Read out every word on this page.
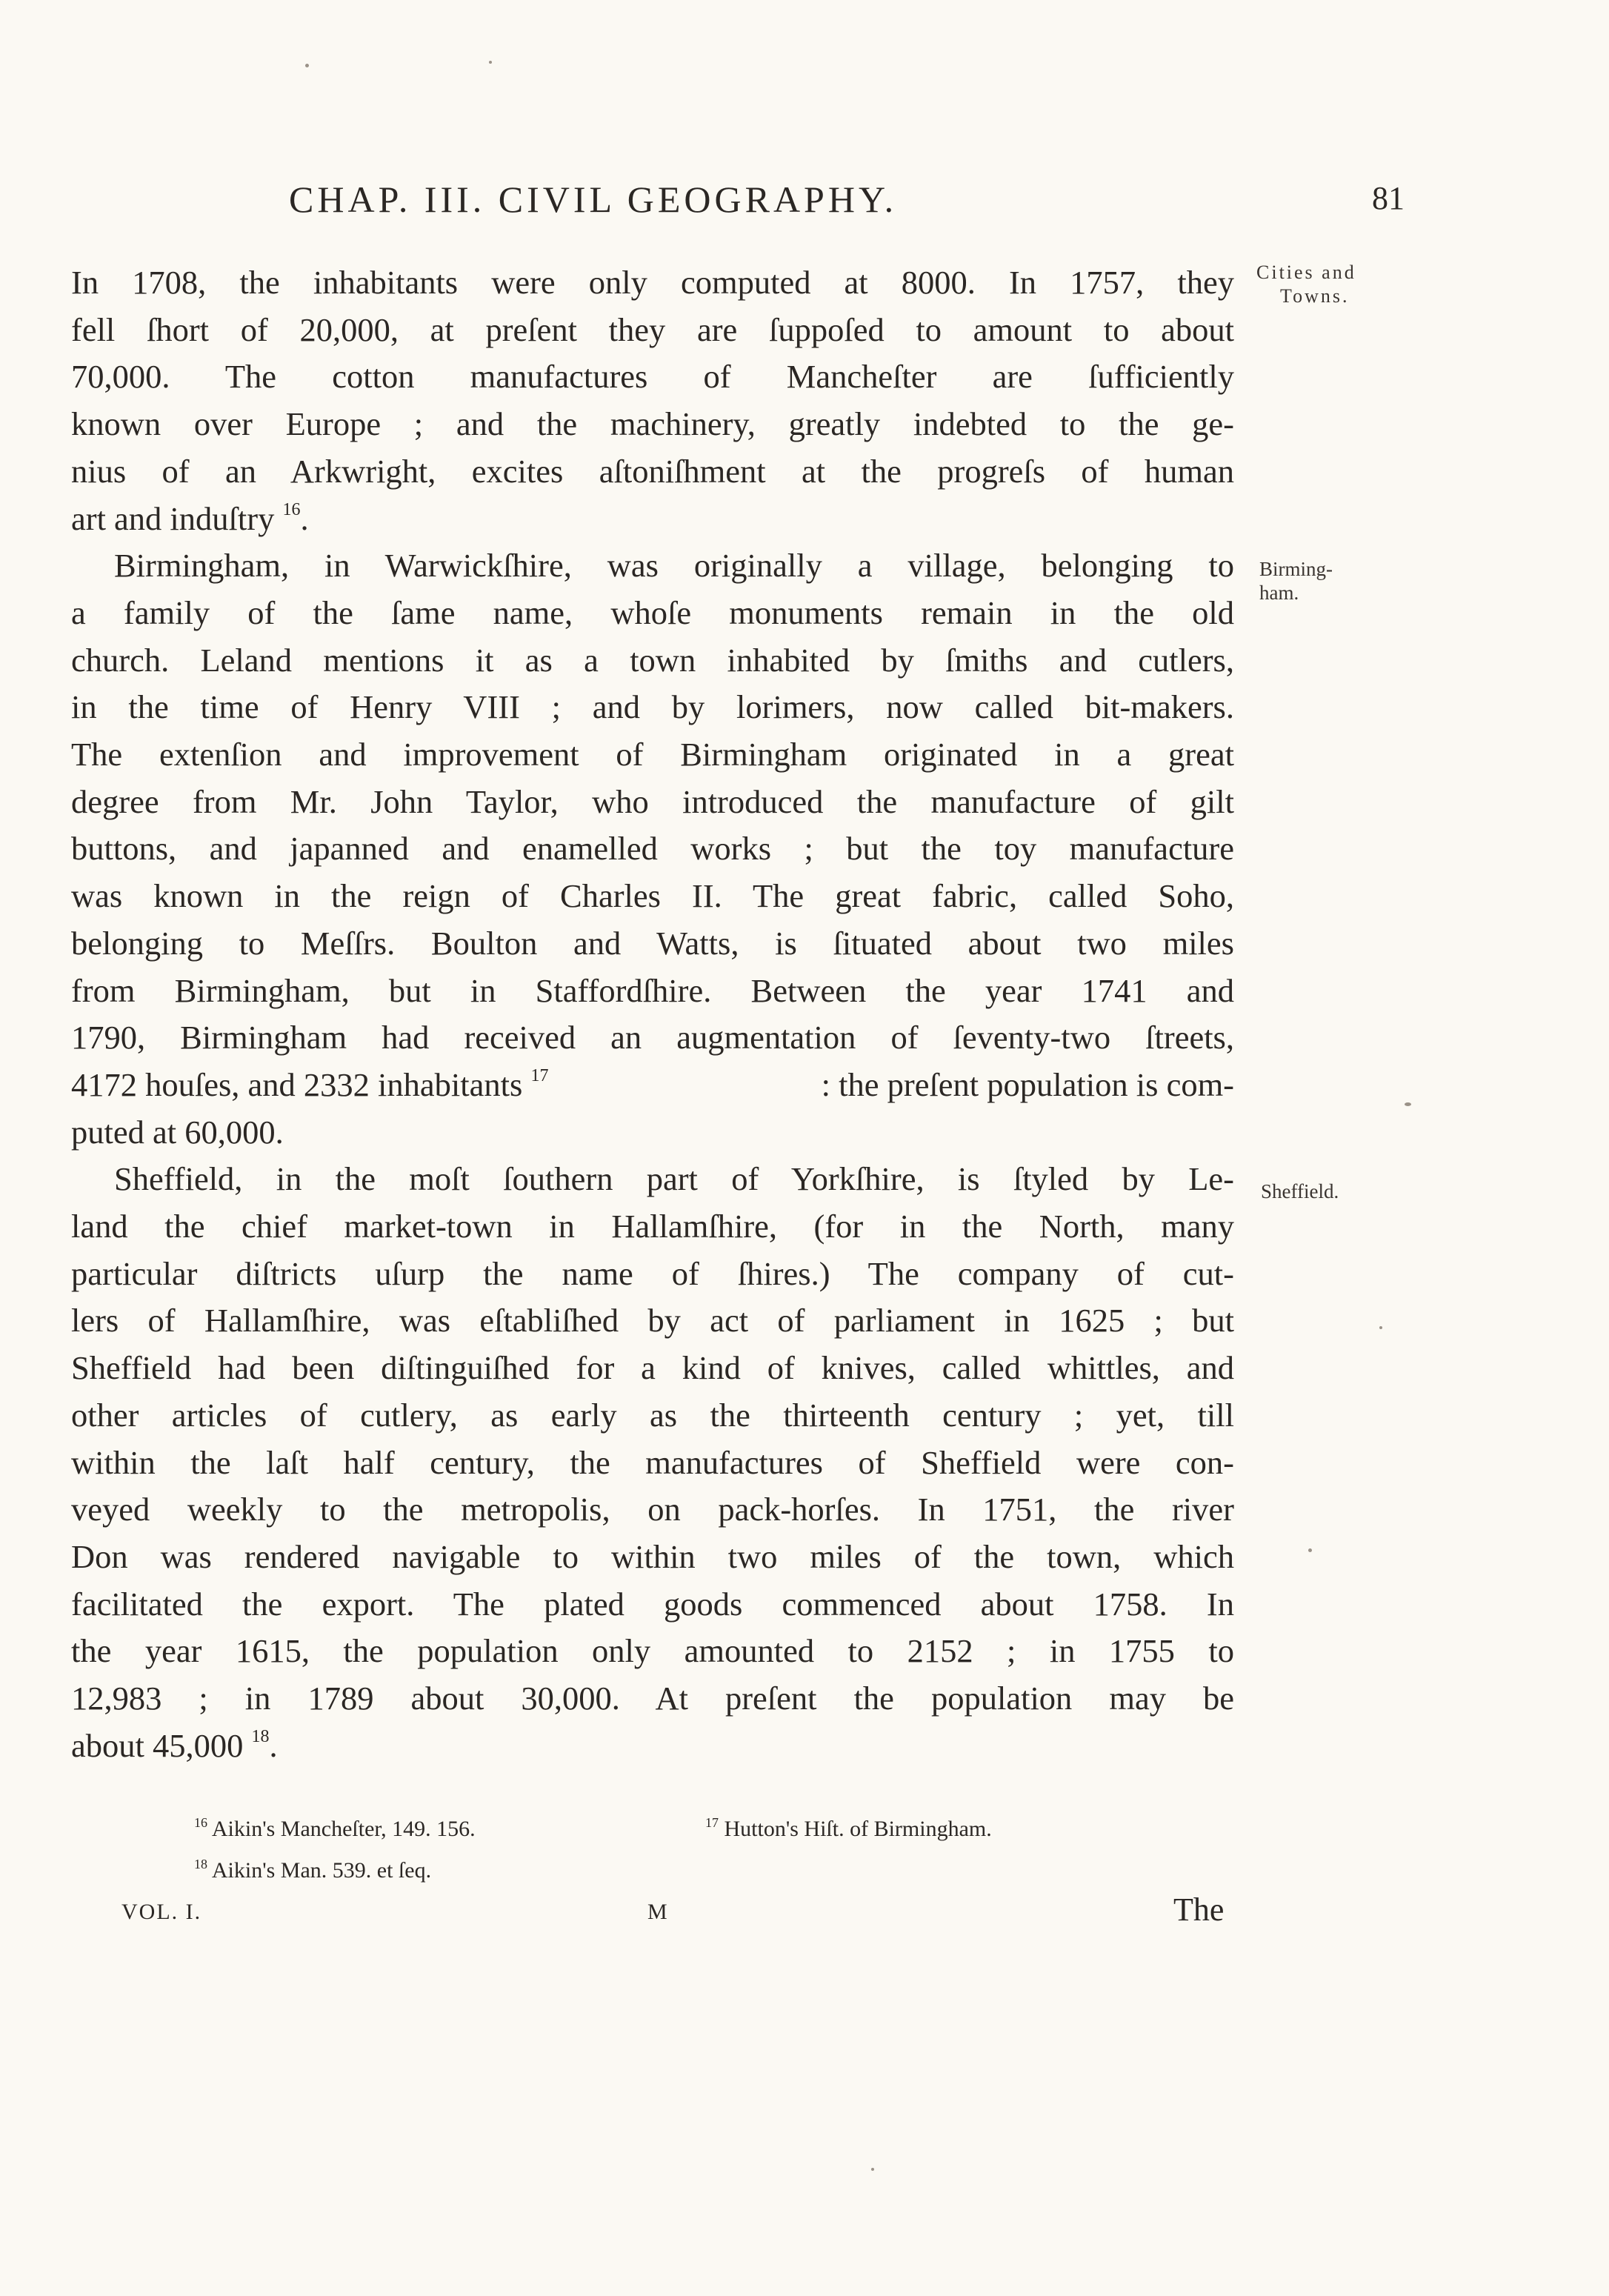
CHAP. III. CIVIL GEOGRAPHY.	81
Cities and
Towns.
Birming-
ham.
Sheffield.
In 1708, the inhabitants were only computed at 8000. In 1757, they
fell ſhort of 20,000, at preſent they are ſuppoſed to amount to about
70,000. The cotton manufactures of Mancheſter are ſufficiently
known over Europe ; and the machinery, greatly indebted to the ge-
nius of an Arkwright, excites aſtoniſhment at the progreſs of human
art and induſtry $^{16}$.
Birmingham, in Warwickſhire, was originally a village, belonging to
a family of the ſame name, whoſe monuments remain in the old
church. Leland mentions it as a town inhabited by ſmiths and cutlers,
in the time of Henry VIII ; and by lorimers, now called bit-makers.
The extenſion and improvement of Birmingham originated in a great
degree from Mr. John Taylor, who introduced the manufacture of gilt
buttons, and japanned and enamelled works ; but the toy manufacture
was known in the reign of Charles II. The great fabric, called Soho,
belonging to Meſſrs. Boulton and Watts, is ſituated about two miles
from Birmingham, but in Staffordſhire. Between the year 1741 and
1790, Birmingham had received an augmentation of ſeventy-two ſtreets,
4172 houſes, and 2332 inhabitants $^{17}$	: the preſent population is com-
puted at 60,000.
Sheffield, in the moſt ſouthern part of Yorkſhire, is ſtyled by Le-
land the chief market-town in Hallamſhire, (for in the North, many
particular diſtricts uſurp the name of ſhires.) The company of cut-
lers of Hallamſhire, was eſtabliſhed by act of parliament in 1625 ; but
Sheffield had been diſtinguiſhed for a kind of knives, called whittles, and
other articles of cutlery, as early as the thirteenth century ; yet, till
within the laſt half century, the manufactures of Sheffield were con-
veyed weekly to the metropolis, on pack-horſes. In 1751, the river
Don was rendered navigable to within two miles of the town, which
facilitated the export. The plated goods commenced about 1758. In
the year 1615, the population only amounted to 2152 ; in 1755 to
12,983 ; in 1789 about 30,000. At preſent the population may be
about 45,000 $^{18}$.
$^{16}$ Aikin's Mancheſter, 149. 156.	$^{17}$ Hutton's Hiſt. of Birmingham.
$^{18}$ Aikin's Man. 539. et ſeq.
VOL. I.	M	The
